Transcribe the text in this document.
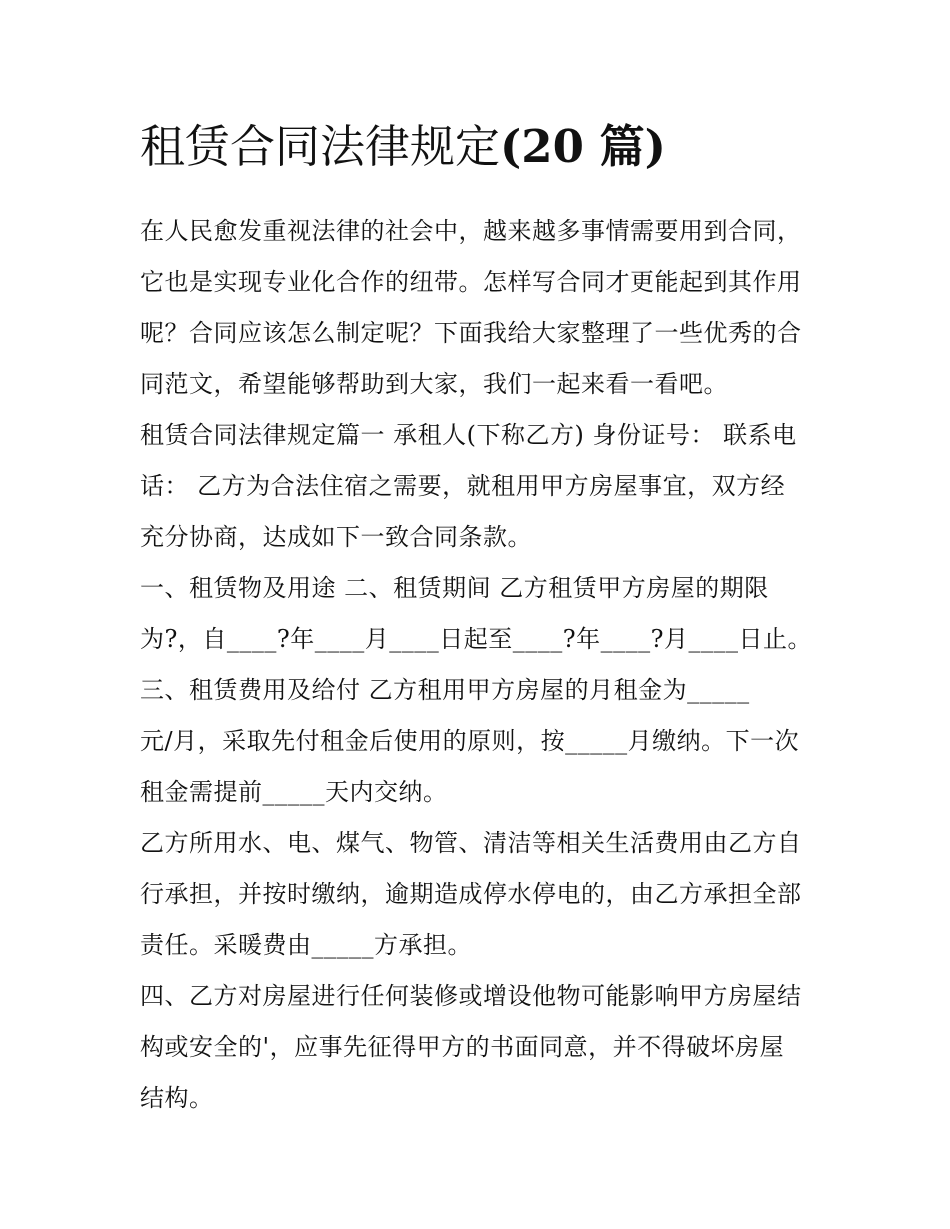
租赁合同法律规定(20 篇)

在人民愈发重视法律的社会中，越来越多事情需要用到合同，
它也是实现专业化合作的纽带。怎样写合同才更能起到其作用
呢？合同应该怎么制定呢？下面我给大家整理了一些优秀的合
同范文，希望能够帮助到大家，我们一起来看一看吧。

租赁合同法律规定篇一 承租人(下称乙方) 身份证号： 联系电
话： 乙方为合法住宿之需要，就租用甲方房屋事宜，双方经
充分协商，达成如下一致合同条款。

一、租赁物及用途 二、租赁期间 乙方租赁甲方房屋的期限
为?，自____?年____月____日起至____?年____?月____日止。

三、租赁费用及给付 乙方租用甲方房屋的月租金为_____
元/月，采取先付租金后使用的原则，按_____月缴纳。下一次
租金需提前_____天内交纳。

乙方所用水、电、煤气、物管、清洁等相关生活费用由乙方自
行承担，并按时缴纳，逾期造成停水停电的，由乙方承担全部
责任。采暖费由_____方承担。

四、乙方对房屋进行任何装修或增设他物可能影响甲方房屋结
构或安全的'，应事先征得甲方的书面同意，并不得破坏房屋
结构。
